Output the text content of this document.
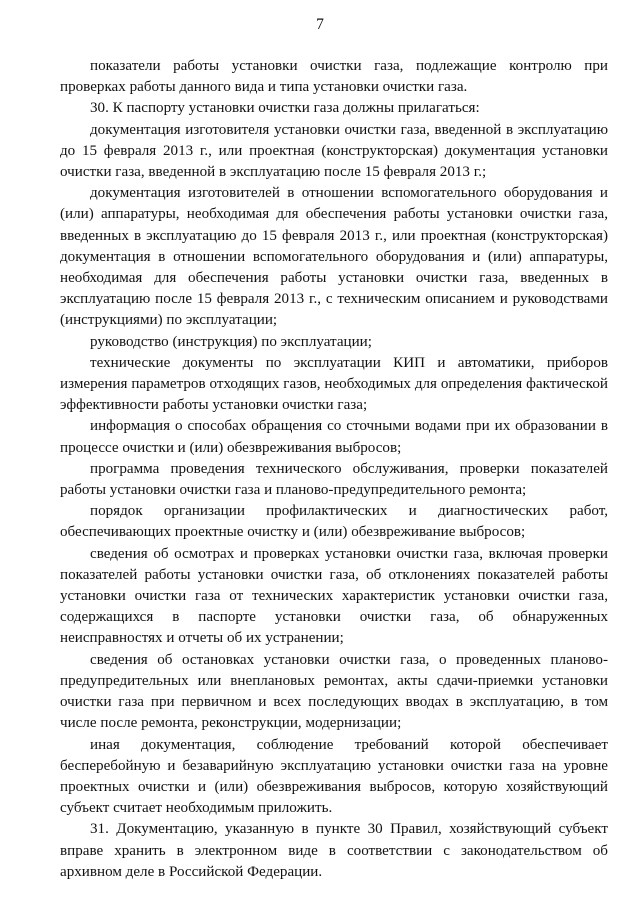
7

показатели работы установки очистки газа, подлежащие контролю при проверках работы данного вида и типа установки очистки газа.

30. К паспорту установки очистки газа должны прилагаться:

документация изготовителя установки очистки газа, введенной в эксплуатацию до 15 февраля 2013 г., или проектная (конструкторская) документация установки очистки газа, введенной в эксплуатацию после 15 февраля 2013 г.;

документация изготовителей в отношении вспомогательного оборудования и (или) аппаратуры, необходимая для обеспечения работы установки очистки газа, введенных в эксплуатацию до 15 февраля 2013 г., или проектная (конструкторская) документация в отношении вспомогательного оборудования и (или) аппаратуры, необходимая для обеспечения работы установки очистки газа, введенных в эксплуатацию после 15 февраля 2013 г., с техническим описанием и руководствами (инструкциями) по эксплуатации;

руководство (инструкция) по эксплуатации;

технические документы по эксплуатации КИП и автоматики, приборов измерения параметров отходящих газов, необходимых для определения фактической эффективности работы установки очистки газа;

информация о способах обращения со сточными водами при их образовании в процессе очистки и (или) обезвреживания выбросов;

программа проведения технического обслуживания, проверки показателей работы установки очистки газа и планово-предупредительного ремонта;

порядок организации профилактических и диагностических работ, обеспечивающих проектные очистку и (или) обезвреживание выбросов;

сведения об осмотрах и проверках установки очистки газа, включая проверки показателей работы установки очистки газа, об отклонениях показателей работы установки очистки газа от технических характеристик установки очистки газа, содержащихся в паспорте установки очистки газа, об обнаруженных неисправностях и отчеты об их устранении;

сведения об остановках установки очистки газа, о проведенных планово-предупредительных или внеплановых ремонтах, акты сдачи-приемки установки очистки газа при первичном и всех последующих вводах в эксплуатацию, в том числе после ремонта, реконструкции, модернизации;

иная документация, соблюдение требований которой обеспечивает бесперебойную и безаварийную эксплуатацию установки очистки газа на уровне проектных очистки и (или) обезвреживания выбросов, которую хозяйствующий субъект считает необходимым приложить.

31. Документацию, указанную в пункте 30 Правил, хозяйствующий субъект вправе хранить в электронном виде в соответствии с законодательством об архивном деле в Российской Федерации.
